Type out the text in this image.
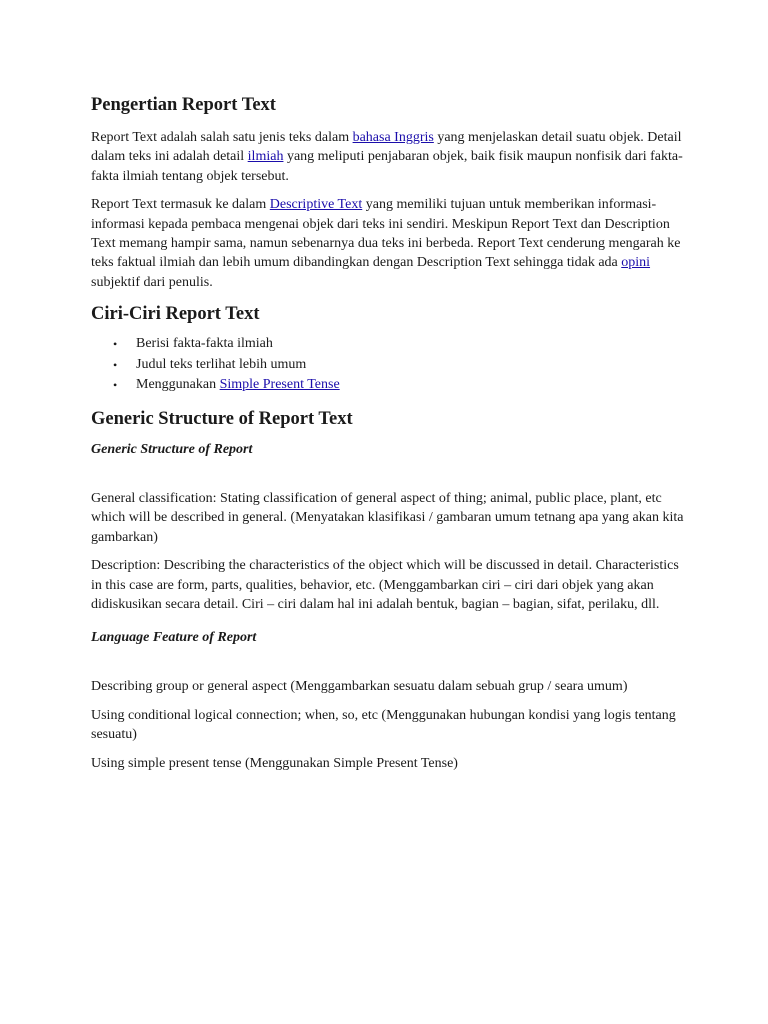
Pengertian Report Text

Report Text adalah salah satu jenis teks dalam bahasa Inggris yang menjelaskan detail suatu objek. Detail dalam teks ini adalah detail ilmiah yang meliputi penjabaran objek, baik fisik maupun nonfisik dari fakta-fakta ilmiah tentang objek tersebut.

Report Text termasuk ke dalam Descriptive Text yang memiliki tujuan untuk memberikan informasi-informasi kepada pembaca mengenai objek dari teks ini sendiri. Meskipun Report Text dan Description Text memang hampir sama, namun sebenarnya dua teks ini berbeda. Report Text cenderung mengarah ke teks faktual ilmiah dan lebih umum dibandingkan dengan Description Text sehingga tidak ada opini subjektif dari penulis.

Ciri-Ciri Report Text
• Berisi fakta-fakta ilmiah
• Judul teks terlihat lebih umum
• Menggunakan Simple Present Tense
Generic Structure of Report Text

Generic Structure of Report

General classification: Stating classification of general aspect of thing; animal, public place, plant, etc which will be described in general. (Menyatakan klasifikasi / gambaran umum tetnang apa yang akan kita gambarkan)

Description: Describing the characteristics of the object which will be discussed in detail. Characteristics in this case are form, parts, qualities, behavior, etc. (Menggambarkan ciri – ciri dari objek yang akan didiskusikan secara detail. Ciri – ciri dalam hal ini adalah bentuk, bagian – bagian, sifat, perilaku, dll.

Language Feature of Report

Describing group or general aspect (Menggambarkan sesuatu dalam sebuah grup / seara umum)

Using conditional logical connection; when, so, etc (Menggunakan hubungan kondisi yang logis tentang sesuatu)

Using simple present tense (Menggunakan Simple Present Tense)
